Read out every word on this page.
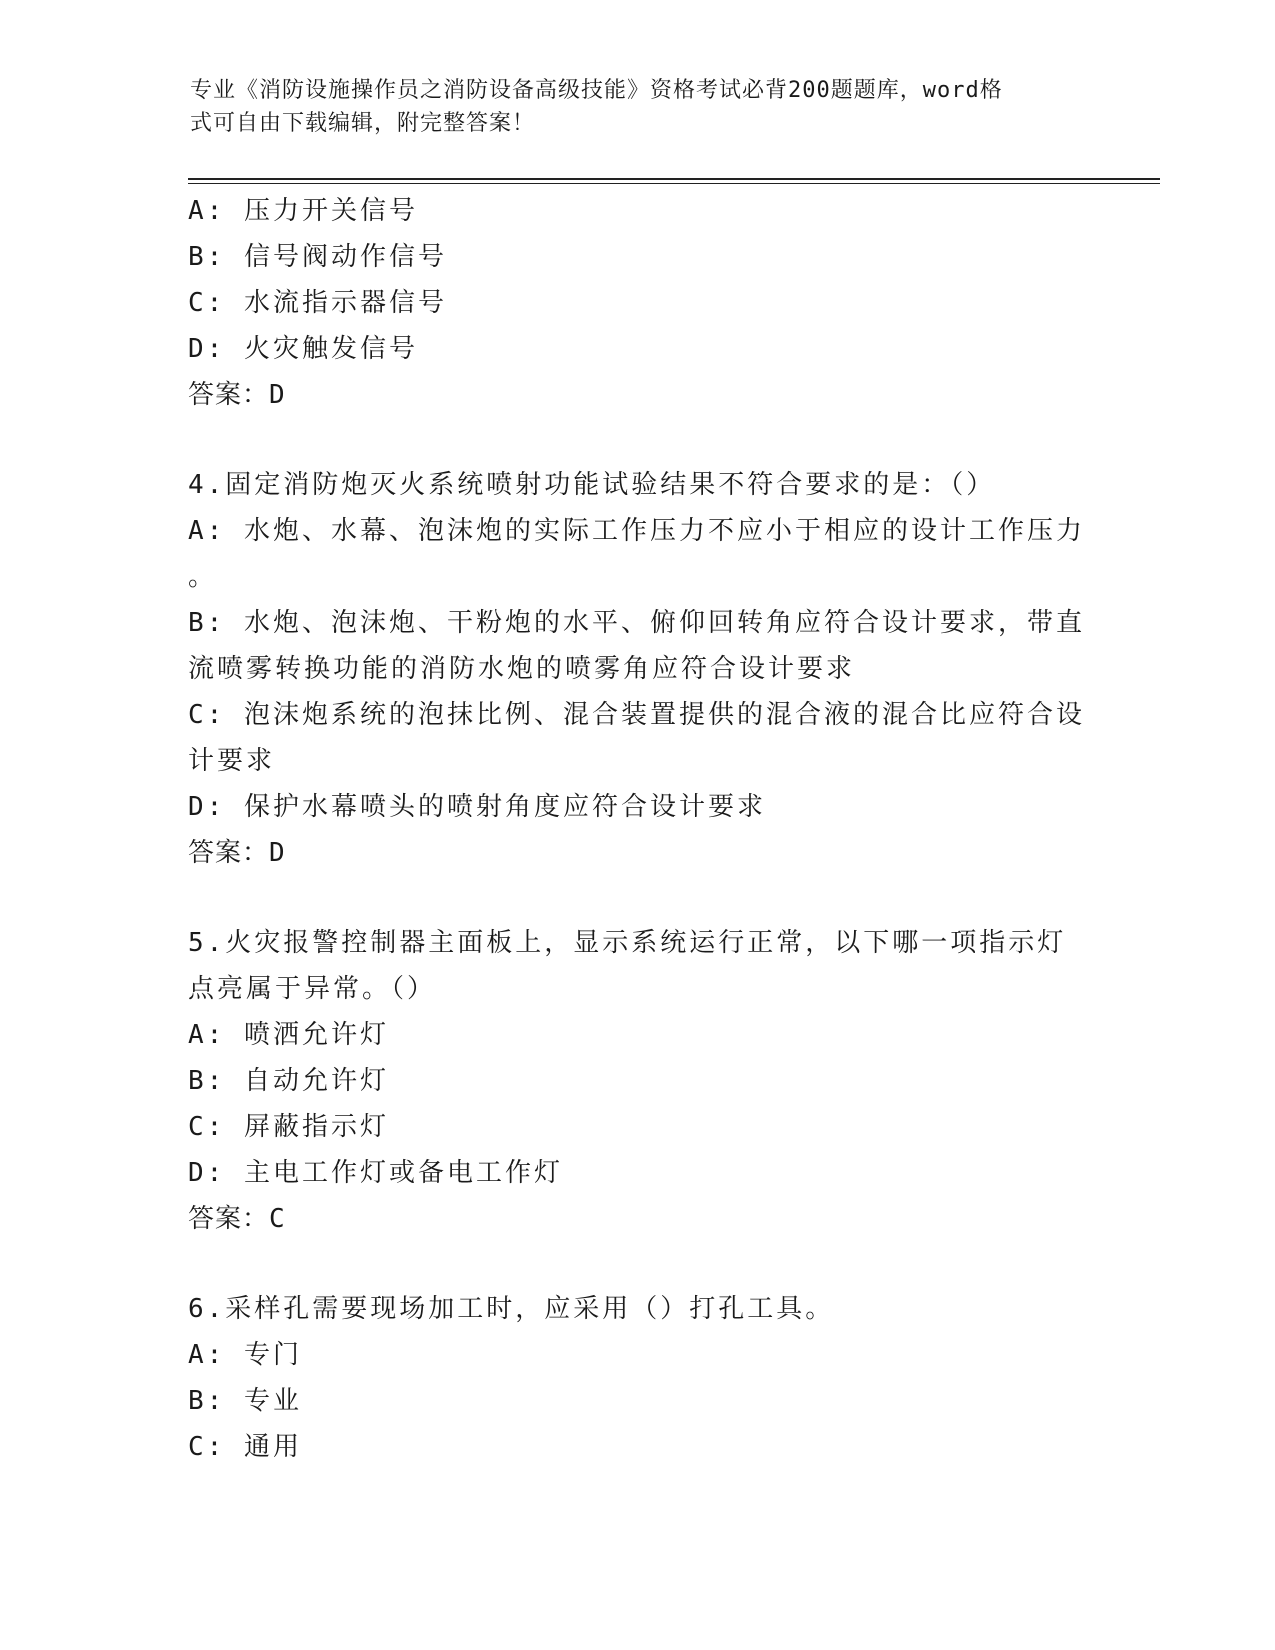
专业《消防设施操作员之消防设备高级技能》资格考试必背200题题库，word格
式可自由下载编辑，附完整答案！
A: 压力开关信号
B: 信号阀动作信号
C: 水流指示器信号
D: 火灾触发信号
答案：D
4.固定消防炮灭火系统喷射功能试验结果不符合要求的是：（）
A: 水炮、水幕、泡沫炮的实际工作压力不应小于相应的设计工作压力
。
B: 水炮、泡沫炮、干粉炮的水平、俯仰回转角应符合设计要求，带直
流喷雾转换功能的消防水炮的喷雾角应符合设计要求
C: 泡沫炮系统的泡抹比例、混合装置提供的混合液的混合比应符合设
计要求
D: 保护水幕喷头的喷射角度应符合设计要求
答案：D
5.火灾报警控制器主面板上，显示系统运行正常，以下哪一项指示灯
点亮属于异常。（）
A: 喷洒允许灯
B: 自动允许灯
C: 屏蔽指示灯
D: 主电工作灯或备电工作灯
答案：C
6.采样孔需要现场加工时，应采用（）打孔工具。
A: 专门
B: 专业
C: 通用
